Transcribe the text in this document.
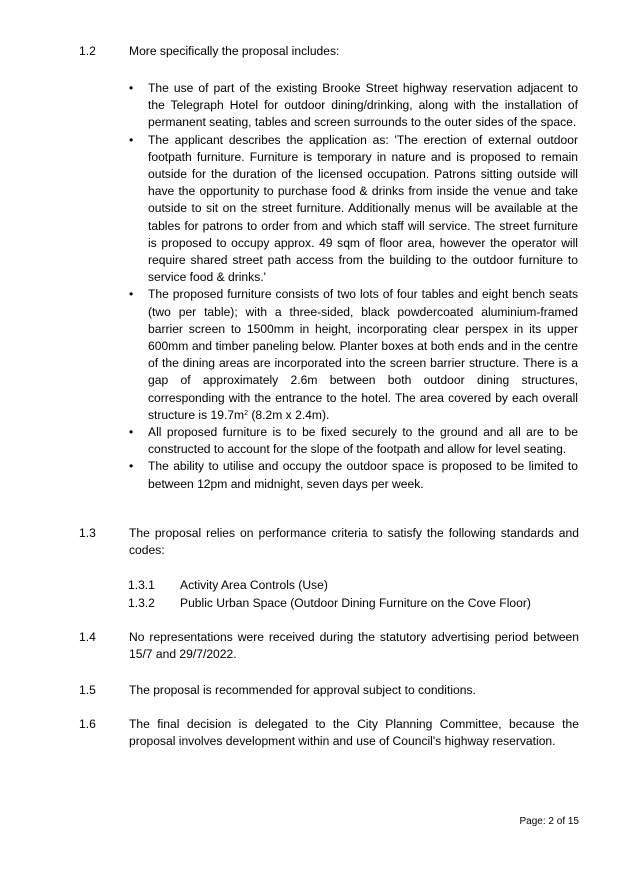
1.2	More specifically the proposal includes:
• The use of part of the existing Brooke Street highway reservation adjacent to the Telegraph Hotel for outdoor dining/drinking, along with the installation of permanent seating, tables and screen surrounds to the outer sides of the space.
• The applicant describes the application as: 'The erection of external outdoor footpath furniture. Furniture is temporary in nature and is proposed to remain outside for the duration of the licensed occupation. Patrons sitting outside will have the opportunity to purchase food & drinks from inside the venue and take outside to sit on the street furniture. Additionally menus will be available at the tables for patrons to order from and which staff will service. The street furniture is proposed to occupy approx. 49 sqm of floor area, however the operator will require shared street path access from the building to the outdoor furniture to service food & drinks.'
• The proposed furniture consists of two lots of four tables and eight bench seats (two per table); with a three-sided, black powdercoated aluminium-framed barrier screen to 1500mm in height, incorporating clear perspex in its upper 600mm and timber paneling below. Planter boxes at both ends and in the centre of the dining areas are incorporated into the screen barrier structure. There is a gap of approximately 2.6m between both outdoor dining structures, corresponding with the entrance to the hotel. The area covered by each overall structure is $19.7m^2$ (8.2m x 2.4m).
• All proposed furniture is to be fixed securely to the ground and all are to be constructed to account for the slope of the footpath and allow for level seating.
• The ability to utilise and occupy the outdoor space is proposed to be limited to between 12pm and midnight, seven days per week.
1.3	The proposal relies on performance criteria to satisfy the following standards and codes:
1.3.1 Activity Area Controls (Use)
1.3.2 Public Urban Space (Outdoor Dining Furniture on the Cove Floor)
1.4	No representations were received during the statutory advertising period between 15/7 and 29/7/2022.
1.5	The proposal is recommended for approval subject to conditions.
1.6	The final decision is delegated to the City Planning Committee, because the proposal involves development within and use of Council's highway reservation.
Page: 2 of 15
